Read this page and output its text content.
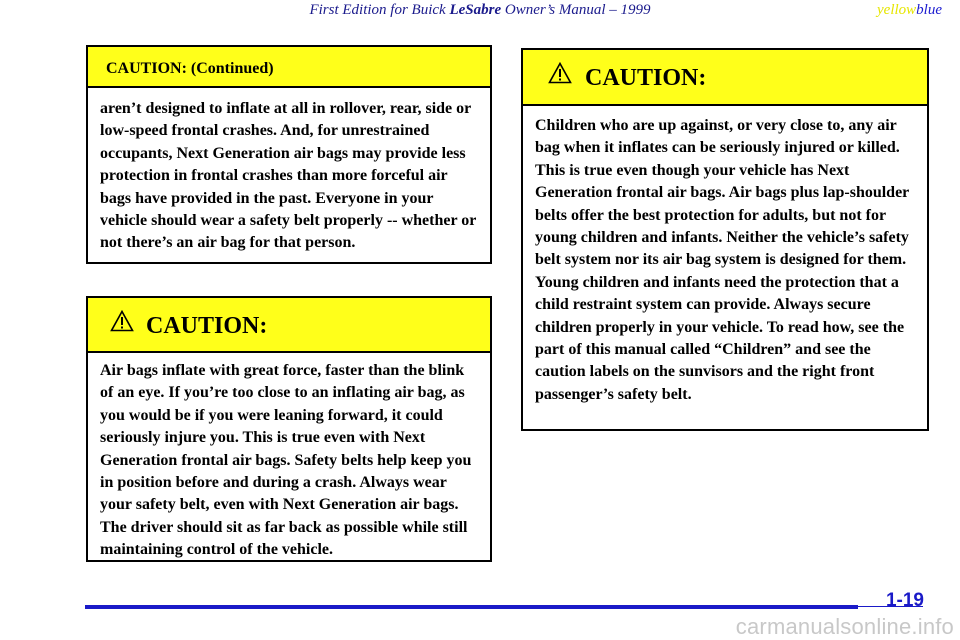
First Edition for Buick LeSabre Owner’s Manual – 1999	yellowblue
CAUTION: (Continued)
aren’t designed to inflate at all in rollover, rear, side or low-speed frontal crashes. And, for unrestrained occupants, Next Generation air bags may provide less protection in frontal crashes than more forceful air bags have provided in the past. Everyone in your vehicle should wear a safety belt properly -- whether or not there’s an air bag for that person.
CAUTION:
Air bags inflate with great force, faster than the blink of an eye. If you’re too close to an inflating air bag, as you would be if you were leaning forward, it could seriously injure you. This is true even with Next Generation frontal air bags. Safety belts help keep you in position before and during a crash. Always wear your safety belt, even with Next Generation air bags. The driver should sit as far back as possible while still maintaining control of the vehicle.
CAUTION:
Children who are up against, or very close to, any air bag when it inflates can be seriously injured or killed. This is true even though your vehicle has Next Generation frontal air bags. Air bags plus lap-shoulder belts offer the best protection for adults, but not for young children and infants. Neither the vehicle’s safety belt system nor its air bag system is designed for them. Young children and infants need the protection that a child restraint system can provide. Always secure children properly in your vehicle. To read how, see the part of this manual called “Children” and see the caution labels on the sunvisors and the right front passenger’s safety belt.
1-19
carmanualsonline.info
